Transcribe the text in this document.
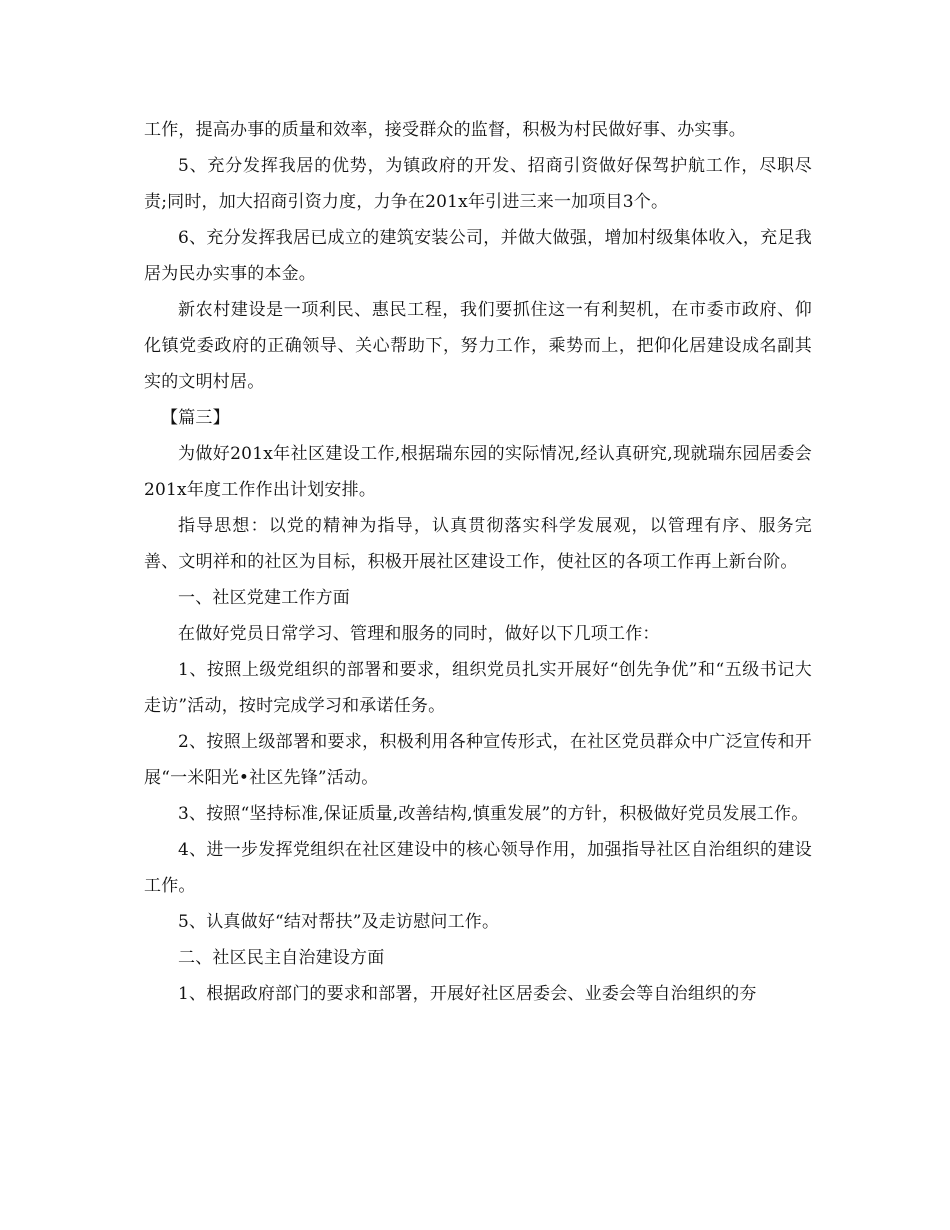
工作，提高办事的质量和效率，接受群众的监督，积极为村民做好事、办实事。

5、充分发挥我居的优势，为镇政府的开发、招商引资做好保驾护航工作，尽职尽责;同时，加大招商引资力度，力争在201x年引进三来一加项目3个。

6、充分发挥我居已成立的建筑安装公司，并做大做强，增加村级集体收入，充足我居为民办实事的本金。

新农村建设是一项利民、惠民工程，我们要抓住这一有利契机，在市委市政府、仰化镇党委政府的正确领导、关心帮助下，努力工作，乘势而上，把仰化居建设成名副其实的文明村居。

【篇三】

为做好201x年社区建设工作,根据瑞东园的实际情况,经认真研究,现就瑞东园居委会201x年度工作作出计划安排。

指导思想：以党的精神为指导，认真贯彻落实科学发展观，以管理有序、服务完善、文明祥和的社区为目标，积极开展社区建设工作，使社区的各项工作再上新台阶。

一、社区党建工作方面

在做好党员日常学习、管理和服务的同时，做好以下几项工作：

1、按照上级党组织的部署和要求，组织党员扎实开展好“创先争优”和“五级书记大走访”活动，按时完成学习和承诺任务。

2、按照上级部署和要求，积极利用各种宣传形式，在社区党员群众中广泛宣传和开展“一米阳光•社区先锋”活动。

3、按照“坚持标准,保证质量,改善结构,慎重发展”的方针，积极做好党员发展工作。

4、进一步发挥党组织在社区建设中的核心领导作用，加强指导社区自治组织的建设工作。

5、认真做好“结对帮扶”及走访慰问工作。

二、社区民主自治建设方面

1、根据政府部门的要求和部署，开展好社区居委会、业委会等自治组织的夯
